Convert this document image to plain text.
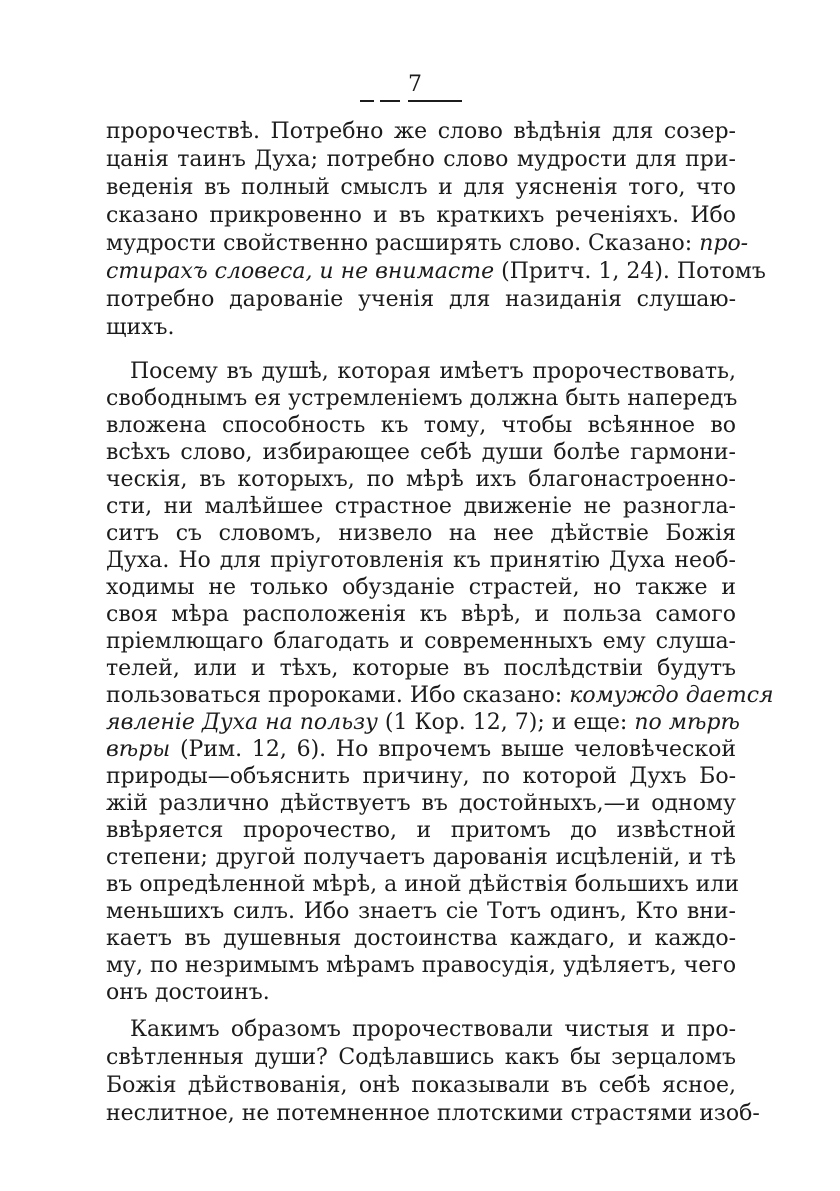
7
пророчествѣ. Потребно же слово вѣдѣнія для созер-
цанія таинъ Духа; потребно слово мудрости для при-
веденія въ полный смыслъ и для уясненія того, что
сказано прикровенно и въ краткихъ реченіяхъ. Ибо
мудрости свойственно расширять слово. Сказано: про-
стирахъ словеса, и не внимасте (Притч. 1, 24). Потомъ
потребно дарованіе ученія для назиданія слушаю-
щихъ.
Посему въ душѣ, которая имѣетъ пророчествовать,
свободнымъ ея устремленіемъ должна быть напередъ
вложена способность къ тому, чтобы всѣянное во
всѣхъ слово, избирающее себѣ души болѣе гармони-
ческія, въ которыхъ, по мѣрѣ ихъ благонастроенно-
сти, ни малѣйшее страстное движеніе не разногла-
ситъ съ словомъ, низвело на нее дѣйствіе Божія
Духа. Но для пріуготовленія къ принятію Духа необ-
ходимы не только обузданіе страстей, но также и
своя мѣра расположенія къ вѣрѣ, и польза самого
пріемлющаго благодать и современныхъ ему слуша-
телей, или и тѣхъ, которые въ послѣдствіи будутъ
пользоваться пророками. Ибо сказано: комуждо дается
явленіе Духа на пользу (1 Кор. 12, 7); и еще: по мѣрѣ
вѣры (Рим. 12, 6). Но впрочемъ выше человѣческой
природы—объяснить причину, по которой Духъ Бо-
жій различно дѣйствуетъ въ достойныхъ,—и одному
ввѣряется пророчество, и притомъ до извѣстной
степени; другой получаетъ дарованія исцѣленій, и тѣ
въ опредѣленной мѣрѣ, а иной дѣйствія большихъ или
меньшихъ силъ. Ибо знаетъ сіе Тотъ одинъ, Кто вни-
каетъ въ душевныя достоинства каждаго, и каждо-
му, по незримымъ мѣрамъ правосудія, удѣляетъ, чего
онъ достоинъ.
Какимъ образомъ пророчествовали чистыя и про-
свѣтленныя души? Содѣлавшись какъ бы зерцаломъ
Божія дѣйствованія, онѣ показывали въ себѣ ясное,
неслитное, не потемненное плотскими страстями изоб-
